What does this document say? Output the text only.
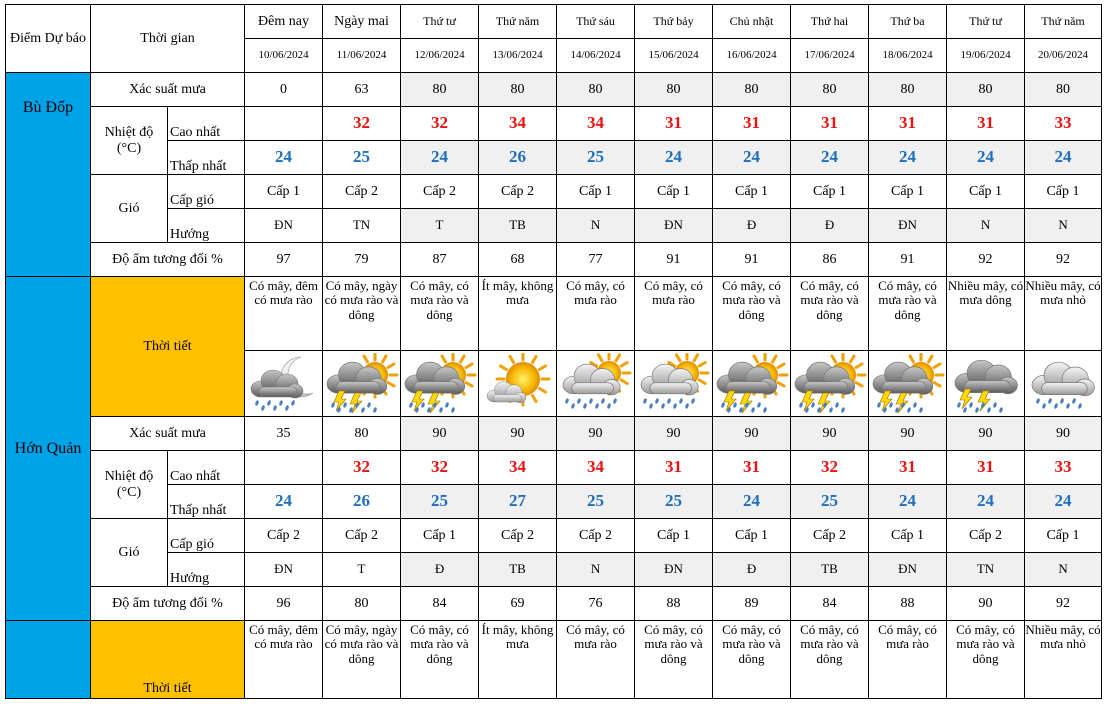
Điểm Dự báo	Thời gian		Đêm nay	Ngày mai	Thứ tư	Thứ năm	Thứ sáu	Thứ bảy	Chủ nhật	Thứ hai	Thứ ba	Thứ tư	Thứ năm
			10/06/2024	11/06/2024	12/06/2024	13/06/2024	14/06/2024	15/06/2024	16/06/2024	17/06/2024	18/06/2024	19/06/2024	20/06/2024
Bù Đốp	Xác suất mưa		0	63	80	80	80	80	80	80	80	80	80
	Nhiệt độ (°C)	Cao nhất		32	32	34	34	31	31	31	31	31	33
		Thấp nhất	24	25	24	26	25	24	24	24	24	24	24
	Gió	Cấp gió	Cấp 1	Cấp 2	Cấp 2	Cấp 2	Cấp 1	Cấp 1	Cấp 1	Cấp 1	Cấp 1	Cấp 1	Cấp 1
		Hướng	ĐN	TN	T	TB	N	ĐN	Đ	Đ	ĐN	N	N
	Độ ẩm tương đối %		97	79	87	68	77	91	91	86	91	92	92
Hớn Quản	Thời tiết		Có mây, đêm có mưa rào	Có mây, ngày có mưa rào và dông	Có mây, có mưa rào và dông	Ít mây, không mưa	Có mây, có mưa rào	Có mây, có mưa rào	Có mây, có mưa rào và dông	Có mây, có mưa rào và dông	Có mây, có mưa rào và dông	Nhiều mây, có mưa dông	Nhiều mây, có mưa nhỏ

	Xác suất mưa		35	80	90	90	90	90	90	90	90	90	90
	Nhiệt độ (°C)	Cao nhất		32	32	34	34	31	31	32	31	31	33
		Thấp nhất	24	26	25	27	25	25	24	25	24	24	24
	Gió	Cấp gió	Cấp 2	Cấp 2	Cấp 1	Cấp 2	Cấp 2	Cấp 1	Cấp 1	Cấp 2	Cấp 1	Cấp 2	Cấp 1
		Hướng	ĐN	T	Đ	TB	N	ĐN	Đ	TB	ĐN	TN	N
	Độ ẩm tương đối %		96	80	84	69	76	88	89	84	88	90	92
	Thời tiết		Có mây, đêm có mưa rào	Có mây, ngày có mưa rào và dông	Có mây, có mưa rào và dông	Ít mây, không mưa	Có mây, có mưa rào	Có mây, có mưa rào và dông	Có mây, có mưa rào và dông	Có mây, có mưa rào và dông	Có mây, có mưa rào	Có mây, có mưa rào và dông	Nhiều mây, có mưa nhỏ
